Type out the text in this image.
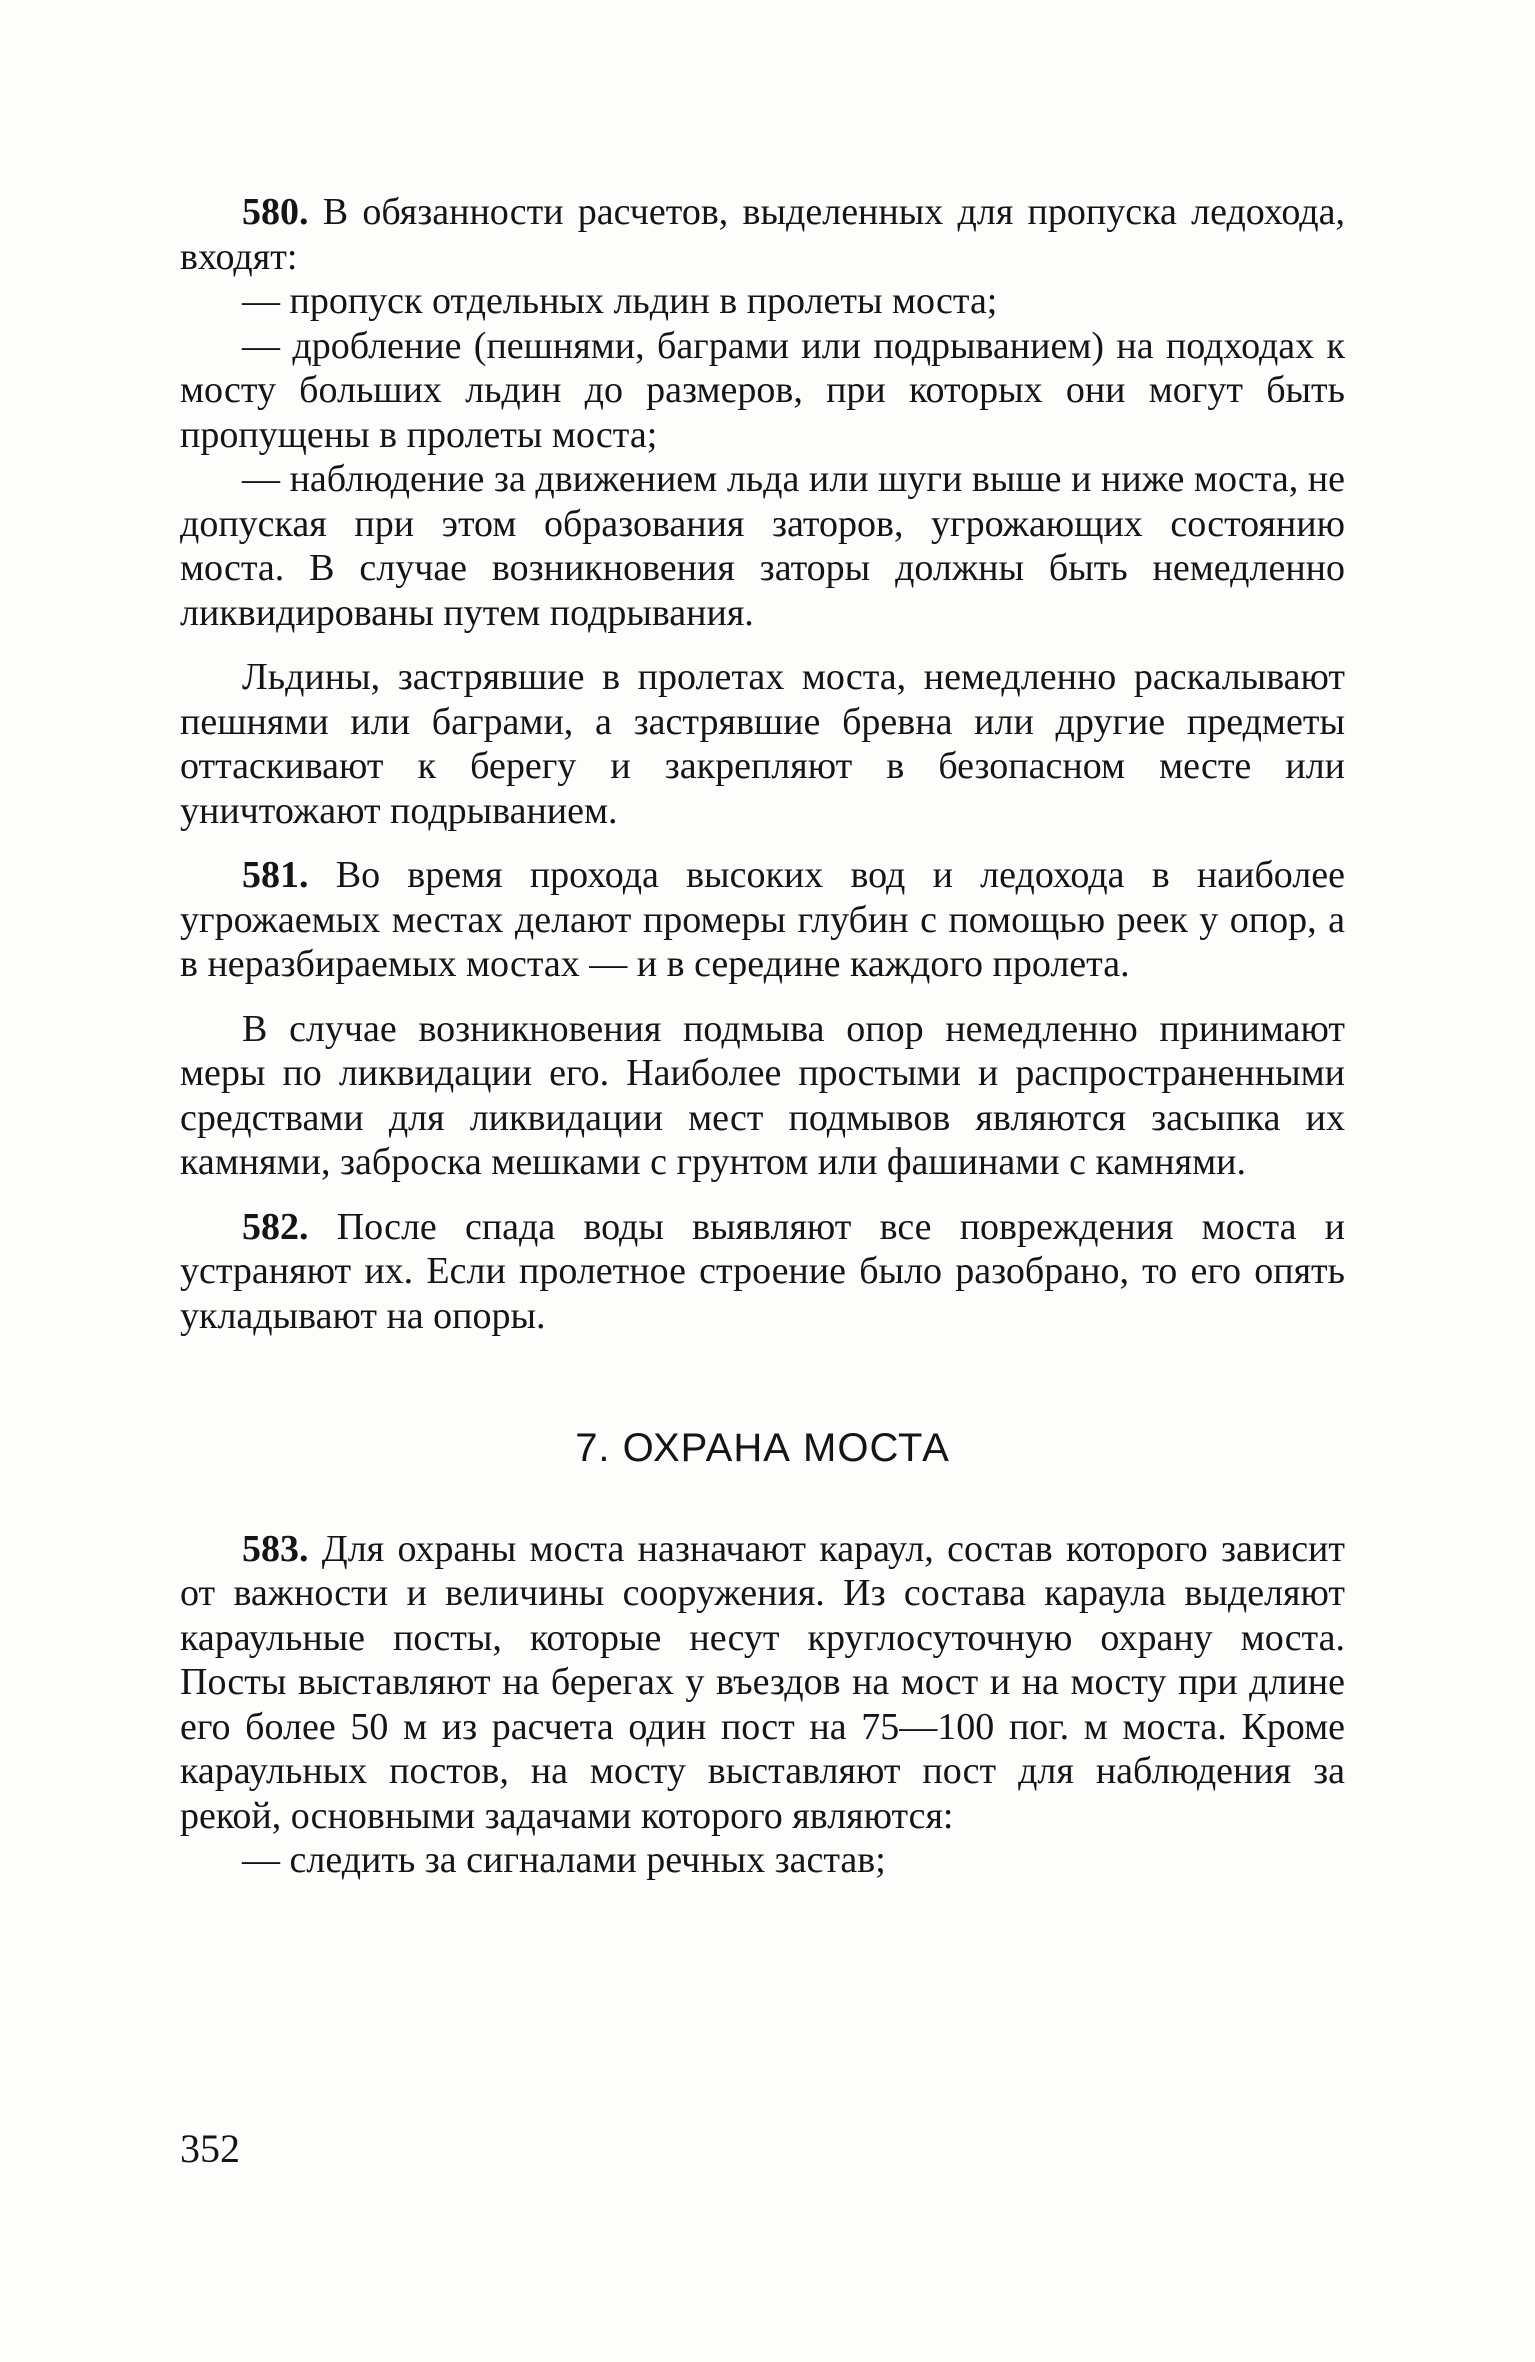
580. В обязанности расчетов, выделенных для пропуска ледохода, входят:

— пропуск отдельных льдин в пролеты моста;

— дробление (пешнями, баграми или подрыванием) на подходах к мосту больших льдин до размеров, при которых они могут быть пропущены в пролеты моста;

— наблюдение за движением льда или шуги выше и ниже моста, не допуская при этом образования заторов, угрожающих состоянию моста. В случае возникновения заторы должны быть немедленно ликвидированы путем подрывания.

Льдины, застрявшие в пролетах моста, немедленно раскалывают пешнями или баграми, а застрявшие бревна или другие предметы оттаскивают к берегу и закрепляют в безопасном месте или уничтожают подрыванием.

581. Во время прохода высоких вод и ледохода в наиболее угрожаемых местах делают промеры глубин с помощью реек у опор, а в неразбираемых мостах — и в середине каждого пролета.

В случае возникновения подмыва опор немедленно принимают меры по ликвидации его. Наиболее простыми и распространенными средствами для ликвидации мест подмывов являются засыпка их камнями, заброска мешками с грунтом или фашинами с камнями.

582. После спада воды выявляют все повреждения моста и устраняют их. Если пролетное строение было разобрано, то его опять укладывают на опоры.

7. ОХРАНА МОСТА

583. Для охраны моста назначают караул, состав которого зависит от важности и величины сооружения. Из состава караула выделяют караульные посты, которые несут круглосуточную охрану моста. Посты выставляют на берегах у въездов на мост и на мосту при длине его более 50 м из расчета один пост на 75—100 пог. м моста. Кроме караульных постов, на мосту выставляют пост для наблюдения за рекой, основными задачами которого являются:

— следить за сигналами речных застав;

352
